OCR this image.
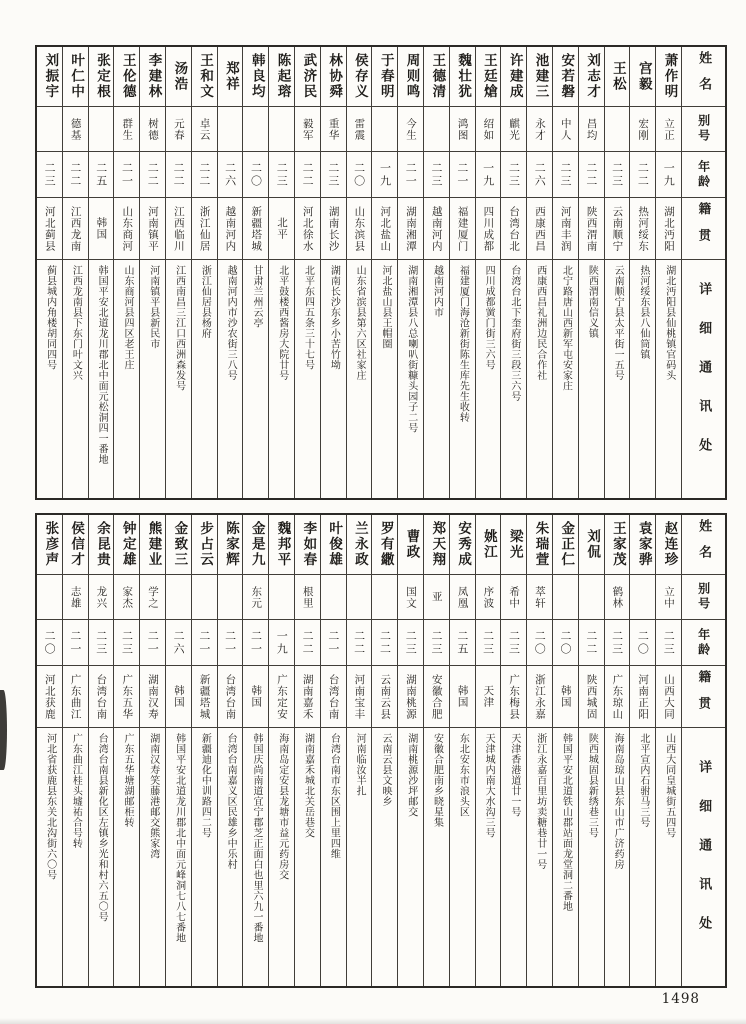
姓名
别号
年龄
籍贯
详细通讯处
萧作明
立正
一九
湖北沔阳
湖北沔阳县仙桃镇官码头
宫毅
宏刚
二二
热河绥东
热河绥东县八仙筒镇
王松
二三
云南顺宁
云南顺宁县太平街一五号
刘志才
昌均
二二
陕西渭南
陕西渭南信义镇
安若磐
中人
二三
河南丰润
北宁路唐山西新军屯安家庄
池建三
永才
二六
西康西昌
西康西昌礼洲边民合作社
许建成
麒光
二三
台湾台北
台湾台北下奎府街三段三六号
王廷熗
绍如
一九
四川成都
四川成都黉门街三六号
魏壮犹
鸿图
二一
福建厦门
福建厦门海沧新街陈生库先生收转
王德清
二三
越南河内
越南河内市
周则鸣
今生
二一
湖南湘潭
湖南湘潭县八总喇叭街糠头园子二号
于春明
一九
河北盐山
河北盐山县王帽圈
侯存义
雷震
二〇
山东滨县
山东省滨县第六区社家庄
林协舜
重华
二三
湖南长沙
湖南长沙东乡小苦竹坳
武济民
毅军
二二
河北徐水
北平东四五条三十七号
陈起瑢
二三
北平
北平鼓楼西酱房大院廿号
韩良均
二〇
新疆塔城
甘肃兰州云亭
郑祥
二六
越南河内
越南河内市沙农街三八号
王和文
卓云
二二
浙江仙居
浙江仙居县杨府
汤浩
元春
二二
江西临川
江西南昌三江口西洲森发号
李建林
树德
二二
河南镇平
河南镇平县新民市
王伦德
群生
二一
山东商河
山东商河县四区老王庄
张定根
二五
韩国
韩国平安北道龙川郡北中面元松洞四一番地
叶仁中
德基
二二
江西龙南
江西龙南县下东门叶文兴
刘振宇
二三
河北蓟县
蓟县城内角楼胡同四号
姓名
别号
年龄
籍贯
详细通讯处
赵连珍
立中
二三
山西大同
山西大同皇城街五四号
袁家骅
二〇
河南正阳
北平宣内石驸马三号
王家茂
鹤林
二三
广东琼山
海南岛琼山县东山市广济药房
刘侃
二二
陕西城固
陕西城固县新绣巷三号
金正仁
二〇
韩国
韩国平安北道铁山郡站面龙堂洞二番地
朱瑞萱
萃轩
二〇
浙江永嘉
浙江永嘉百里坊卖糖巷廿一号
梁光
希中
二三
广东梅县
天津香港道廿一号
姚江
序波
二三
天津
天津城内南大水沟三号
安秀成
凤凰
二五
韩国
东北安东市浪头区
郑天翔
亚
二三
安徽合肥
安徽合肥南乡晓星集
曹政
国文
二三
湖南桃源
湖南桃源沙坪邮交
罗有繖
二二
云南云县
云南云县文映乡
兰永政
二二
河南宝丰
河南临汝半扎
叶俊雄
二一
台湾台南
台湾台南市东区围上里四维
李如春
根里
二二
湖南嘉禾
湖南嘉禾城北关岳巷交
魏邦平
一九
广东定安
海南岛定安县龙塘市益元药房交
金是九
东元
二一
韩国
韩国庆尚南道宜宁郡芝正面白也里六九一番地
陈家辉
二一
台湾台南
台湾台南嘉义区民雄乡中乐村
步占云
二一
新疆塔城
新疆迪化中训路四二号
金致三
二六
韩国
韩国平安北道龙川郡北中面元峰洞七八七番地
熊建业
学之
二一
湖南汉寿
湖南汉寿笑藤港邮交熊家湾
钟定雄
家杰
二三
广东五华
广东五华塘湖邮柜转
余昆贵
龙兴
二三
台湾台南
台湾台南县新化区左镇乡光和村六五〇号
侯信才
志雄
二一
广东曲江
广东曲江桂头墟祐合号转
张彦声
二〇
河北获鹿
河北省获鹿县东关北沟街六〇号
1498
